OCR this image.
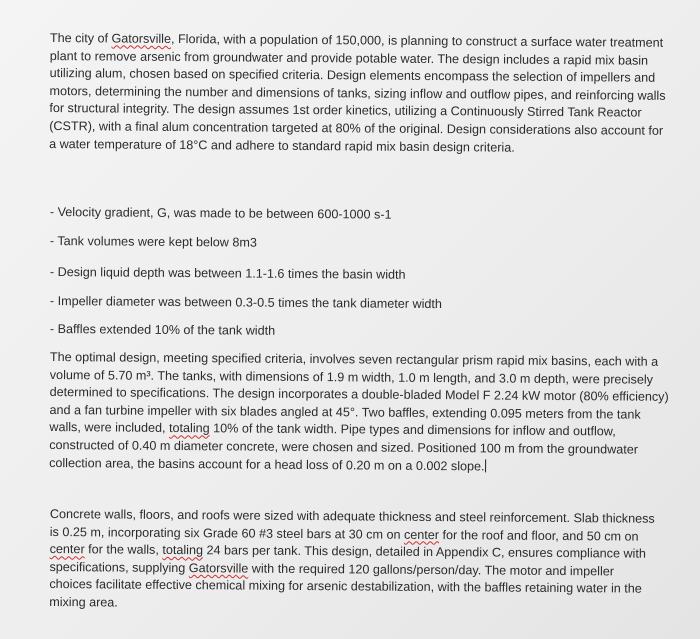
The city of Gatorsville, Florida, with a population of 150,000, is planning to construct a surface water treatment plant to remove arsenic from groundwater and provide potable water. The design includes a rapid mix basin utilizing alum, chosen based on specified criteria. Design elements encompass the selection of impellers and motors, determining the number and dimensions of tanks, sizing inflow and outflow pipes, and reinforcing walls for structural integrity. The design assumes 1st order kinetics, utilizing a Continuously Stirred Tank Reactor (CSTR), with a final alum concentration targeted at 80% of the original. Design considerations also account for a water temperature of 18°C and adhere to standard rapid mix basin design criteria.

- Velocity gradient, G, was made to be between 600-1000 s-1

- Tank volumes were kept below 8m3

- Design liquid depth was between 1.1-1.6 times the basin width

- Impeller diameter was between 0.3-0.5 times the tank diameter width

- Baffles extended 10% of the tank width

The optimal design, meeting specified criteria, involves seven rectangular prism rapid mix basins, each with a volume of 5.70 m³. The tanks, with dimensions of 1.9 m width, 1.0 m length, and 3.0 m depth, were precisely determined to specifications. The design incorporates a double-bladed Model F 2.24 kW motor (80% efficiency) and a fan turbine impeller with six blades angled at 45°. Two baffles, extending 0.095 meters from the tank walls, were included, totaling 10% of the tank width. Pipe types and dimensions for inflow and outflow, constructed of 0.40 m diameter concrete, were chosen and sized. Positioned 100 m from the groundwater collection area, the basins account for a head loss of 0.20 m on a 0.002 slope.

Concrete walls, floors, and roofs were sized with adequate thickness and steel reinforcement. Slab thickness is 0.25 m, incorporating six Grade 60 #3 steel bars at 30 cm on center for the roof and floor, and 50 cm on center for the walls, totaling 24 bars per tank. This design, detailed in Appendix C, ensures compliance with specifications, supplying Gatorsville with the required 120 gallons/person/day. The motor and impeller choices facilitate effective chemical mixing for arsenic destabilization, with the baffles retaining water in the mixing area.
